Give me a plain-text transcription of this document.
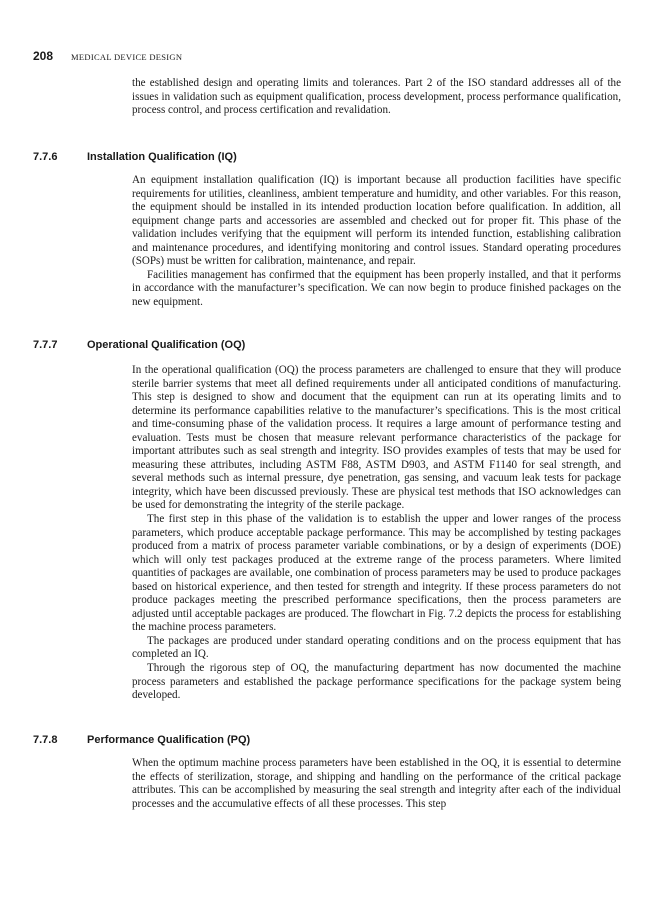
208 MEDICAL DEVICE DESIGN

the established design and operating limits and tolerances. Part 2 of the ISO standard addresses all of the issues in validation such as equipment qualification, process development, process performance qualification, process control, and process certification and revalidation.

7.7.6	Installation Qualification (IQ)

An equipment installation qualification (IQ) is important because all production facilities have specific requirements for utilities, cleanliness, ambient temperature and humidity, and other variables. For this reason, the equipment should be installed in its intended production location before qualification. In addition, all equipment change parts and accessories are assembled and checked out for proper fit. This phase of the validation includes verifying that the equipment will perform its intended function, establishing calibration and maintenance procedures, and identifying monitoring and control issues. Standard operating procedures (SOPs) must be written for calibration, maintenance, and repair.

Facilities management has confirmed that the equipment has been properly installed, and that it performs in accordance with the manufacturer’s specification. We can now begin to produce finished packages on the new equipment.

7.7.7	Operational Qualification (OQ)

In the operational qualification (OQ) the process parameters are challenged to ensure that they will produce sterile barrier systems that meet all defined requirements under all anticipated conditions of manufacturing. This step is designed to show and document that the equipment can run at its operating limits and to determine its performance capabilities relative to the manufacturer’s specifications. This is the most critical and time-consuming phase of the validation process. It requires a large amount of performance testing and evaluation. Tests must be chosen that measure relevant performance characteristics of the package for important attributes such as seal strength and integrity. ISO provides examples of tests that may be used for measuring these attributes, including ASTM F88, ASTM D903, and ASTM F1140 for seal strength, and several methods such as internal pressure, dye penetration, gas sensing, and vacuum leak tests for package integrity, which have been discussed previously. These are physical test methods that ISO acknowledges can be used for demonstrating the integrity of the sterile package.

The first step in this phase of the validation is to establish the upper and lower ranges of the process parameters, which produce acceptable package performance. This may be accomplished by testing packages produced from a matrix of process parameter variable combinations, or by a design of experiments (DOE) which will only test packages produced at the extreme range of the process parameters. Where limited quantities of packages are available, one combination of process parameters may be used to produce packages based on historical experience, and then tested for strength and integrity. If these process parameters do not produce packages meeting the prescribed performance specifications, then the process parameters are adjusted until acceptable packages are produced. The flowchart in Fig. 7.2 depicts the process for establishing the machine process parameters.

The packages are produced under standard operating conditions and on the process equipment that has completed an IQ.

Through the rigorous step of OQ, the manufacturing department has now documented the machine process parameters and established the package performance specifications for the package system being developed.

7.7.8	Performance Qualification (PQ)

When the optimum machine process parameters have been established in the OQ, it is essential to determine the effects of sterilization, storage, and shipping and handling on the performance of the critical package attributes. This can be accomplished by measuring the seal strength and integrity after each of the individual processes and the accumulative effects of all these processes. This step
